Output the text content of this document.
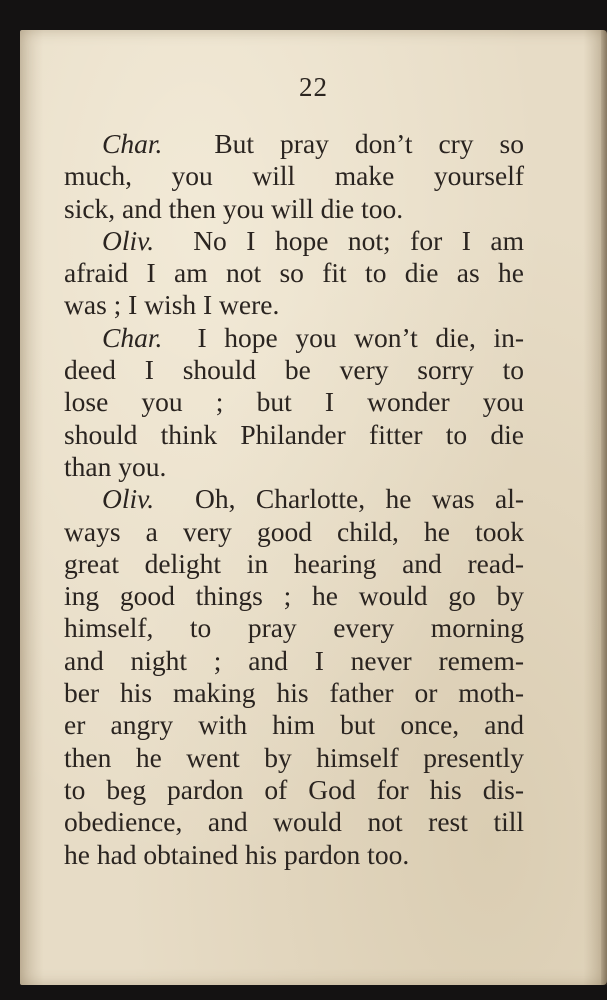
22
Char. But pray don’t cry so
much, you will make yourself
sick, and then you will die too.
Oliv. No I hope not; for I am
afraid I am not so fit to die as he
was ; I wish I were.
Char. I hope you won’t die, in-
deed I should be very sorry to
lose you ; but I wonder you
should think Philander fitter to die
than you.
Oliv. Oh, Charlotte, he was al-
ways a very good child, he took
great delight in hearing and read-
ing good things ; he would go by
himself, to pray every morning
and night ; and I never remem-
ber his making his father or moth-
er angry with him but once, and
then he went by himself presently
to beg pardon of God for his dis-
obedience, and would not rest till
he had obtained his pardon too.
